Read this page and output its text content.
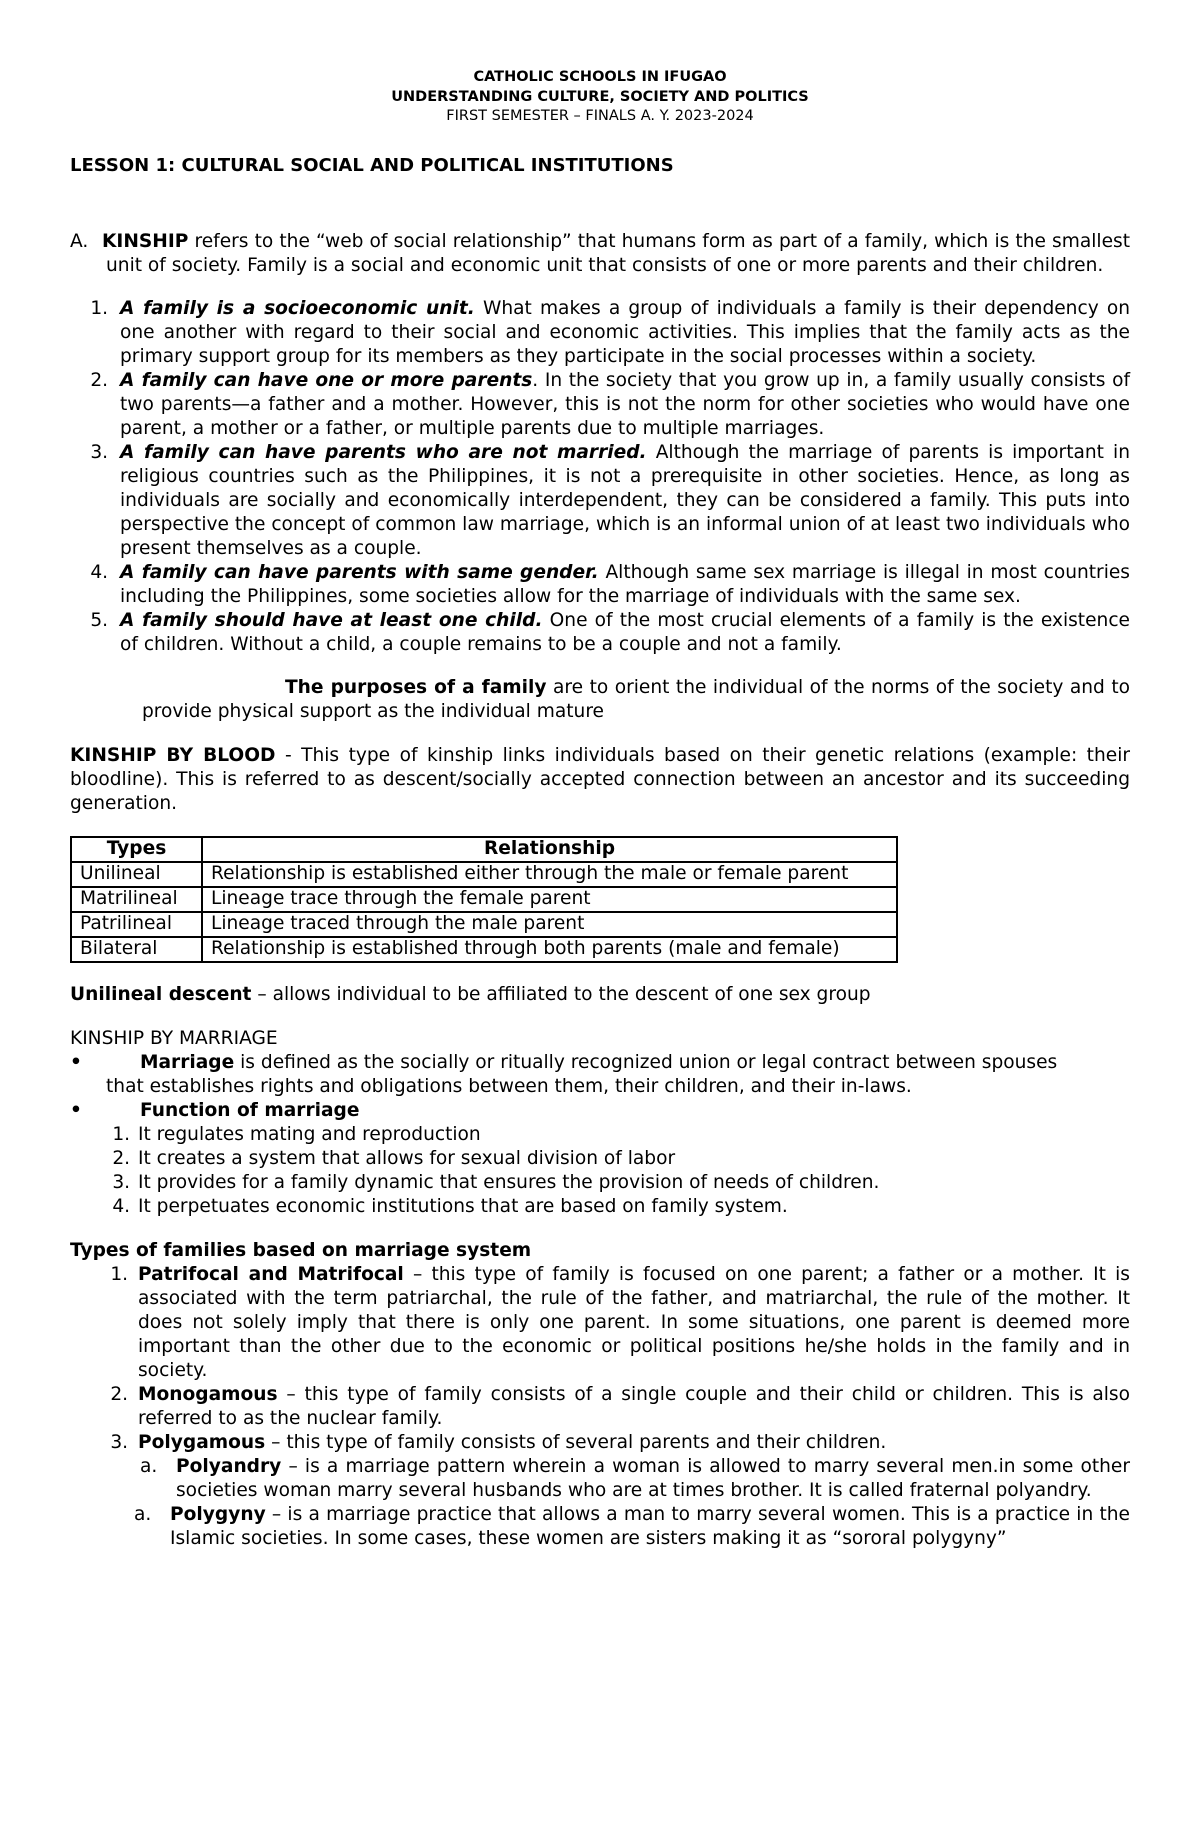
CATHOLIC SCHOOLS IN IFUGAO
UNDERSTANDING CULTURE, SOCIETY AND POLITICS
FIRST SEMESTER – FINALS A. Y. 2023-2024
LESSON 1: CULTURAL SOCIAL AND POLITICAL INSTITUTIONS
A. KINSHIP refers to the “web of social relationship” that humans form as part of a family, which is the smallest unit of society. Family is a social and economic unit that consists of one or more parents and their children.
1. A family is a socioeconomic unit. What makes a group of individuals a family is their dependency on one another with regard to their social and economic activities. This implies that the family acts as the primary support group for its members as they participate in the social processes within a society.
2. A family can have one or more parents. In the society that you grow up in, a family usually consists of two parents—a father and a mother. However, this is not the norm for other societies who would have one parent, a mother or a father, or multiple parents due to multiple marriages.
3. A family can have parents who are not married. Although the marriage of parents is important in religious countries such as the Philippines, it is not a prerequisite in other societies. Hence, as long as individuals are socially and economically interdependent, they can be considered a family. This puts into perspective the concept of common law marriage, which is an informal union of at least two individuals who present themselves as a couple.
4. A family can have parents with same gender. Although same sex marriage is illegal in most countries including the Philippines, some societies allow for the marriage of individuals with the same sex.
5. A family should have at least one child. One of the most crucial elements of a family is the existence of children. Without a child, a couple remains to be a couple and not a family.
The purposes of a family are to orient the individual of the norms of the society and to provide physical support as the individual mature
KINSHIP BY BLOOD - This type of kinship links individuals based on their genetic relations (example: their bloodline). This is referred to as descent/socially accepted connection between an ancestor and its succeeding generation.
Types	Relationship
Unilineal	Relationship is established either through the male or female parent
Matrilineal	Lineage trace through the female parent
Patrilineal	Lineage traced through the male parent
Bilateral	Relationship is established through both parents (male and female)
Unilineal descent – allows individual to be affiliated to the descent of one sex group
KINSHIP BY MARRIAGE
•	Marriage is defined as the socially or ritually recognized union or legal contract between spouses
that establishes rights and obligations between them, their children, and their in-laws.
•	Function of marriage
1. It regulates mating and reproduction
2. It creates a system that allows for sexual division of labor
3. It provides for a family dynamic that ensures the provision of needs of children.
4. It perpetuates economic institutions that are based on family system.
Types of families based on marriage system
1. Patrifocal and Matrifocal – this type of family is focused on one parent; a father or a mother. It is associated with the term patriarchal, the rule of the father, and matriarchal, the rule of the mother. It does not solely imply that there is only one parent. In some situations, one parent is deemed more important than the other due to the economic or political positions he/she holds in the family and in society.
2. Monogamous – this type of family consists of a single couple and their child or children. This is also referred to as the nuclear family.
3. Polygamous – this type of family consists of several parents and their children.
a. Polyandry – is a marriage pattern wherein a woman is allowed to marry several men.in some other societies woman marry several husbands who are at times brother. It is called fraternal polyandry.
a. Polygyny – is a marriage practice that allows a man to marry several women. This is a practice in the Islamic societies. In some cases, these women are sisters making it as “sororal polygyny”
